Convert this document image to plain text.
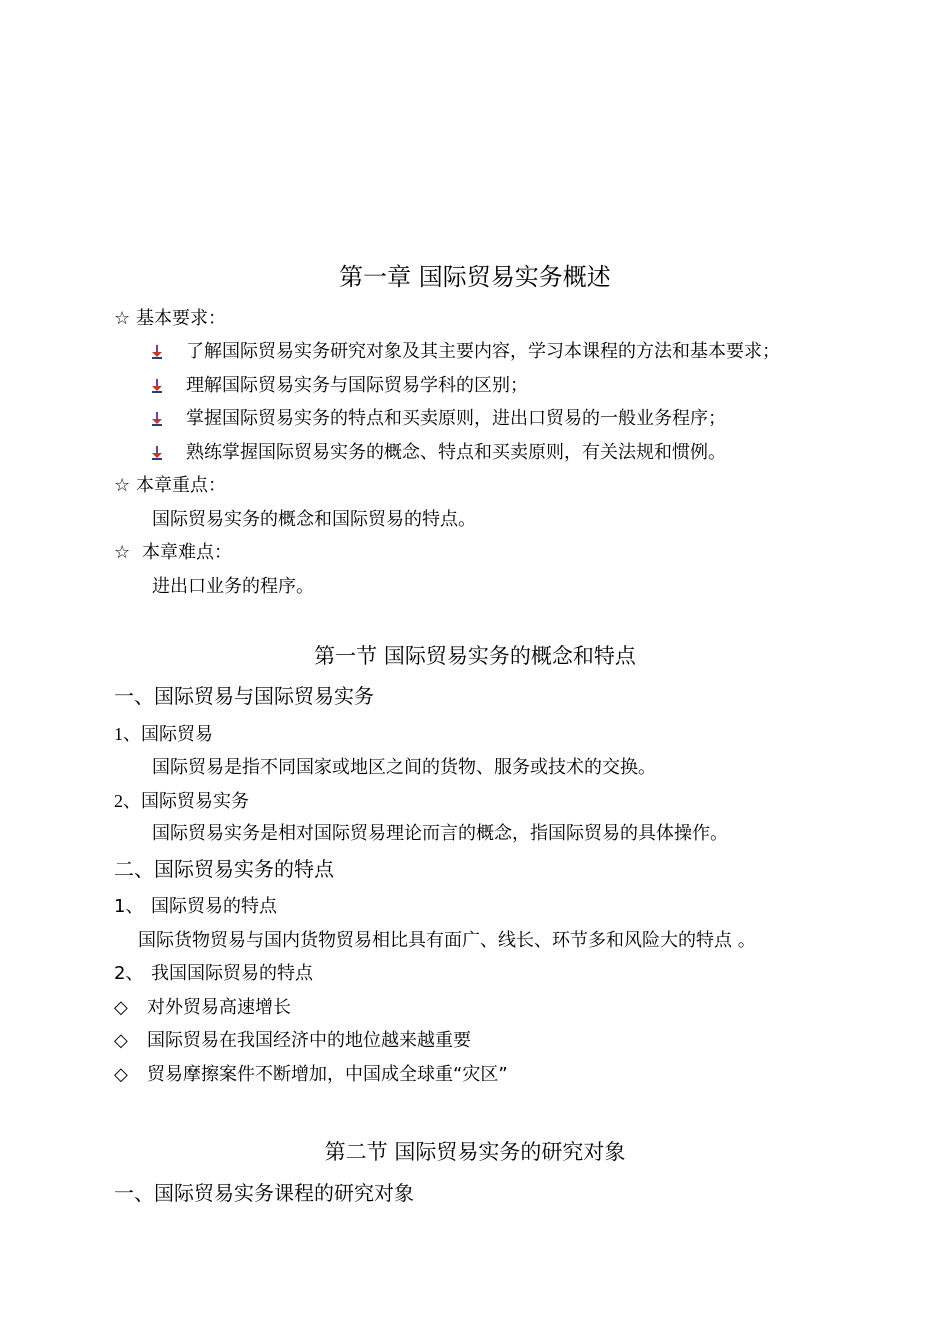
第一章 国际贸易实务概述
☆ 基本要求：
了解国际贸易实务研究对象及其主要内容，学习本课程的方法和基本要求；
理解国际贸易实务与国际贸易学科的区别；
掌握国际贸易实务的特点和买卖原则，进出口贸易的一般业务程序；
熟练掌握国际贸易实务的概念、特点和买卖原则，有关法规和惯例。
☆ 本章重点：
国际贸易实务的概念和国际贸易的特点。
☆ 本章难点：
进出口业务的程序。
第一节 国际贸易实务的概念和特点
一、国际贸易与国际贸易实务
1、国际贸易
国际贸易是指不同国家或地区之间的货物、服务或技术的交换。
2、国际贸易实务
国际贸易实务是相对国际贸易理论而言的概念，指国际贸易的具体操作。
二、国际贸易实务的特点
1、 国际贸易的特点
国际货物贸易与国内货物贸易相比具有面广、线长、环节多和风险大的特点 。
2、 我国国际贸易的特点
◇ 对外贸易高速增长
◇ 国际贸易在我国经济中的地位越来越重要
◇ 贸易摩擦案件不断增加，中国成全球重“灾区”
第二节 国际贸易实务的研究对象
一、国际贸易实务课程的研究对象
